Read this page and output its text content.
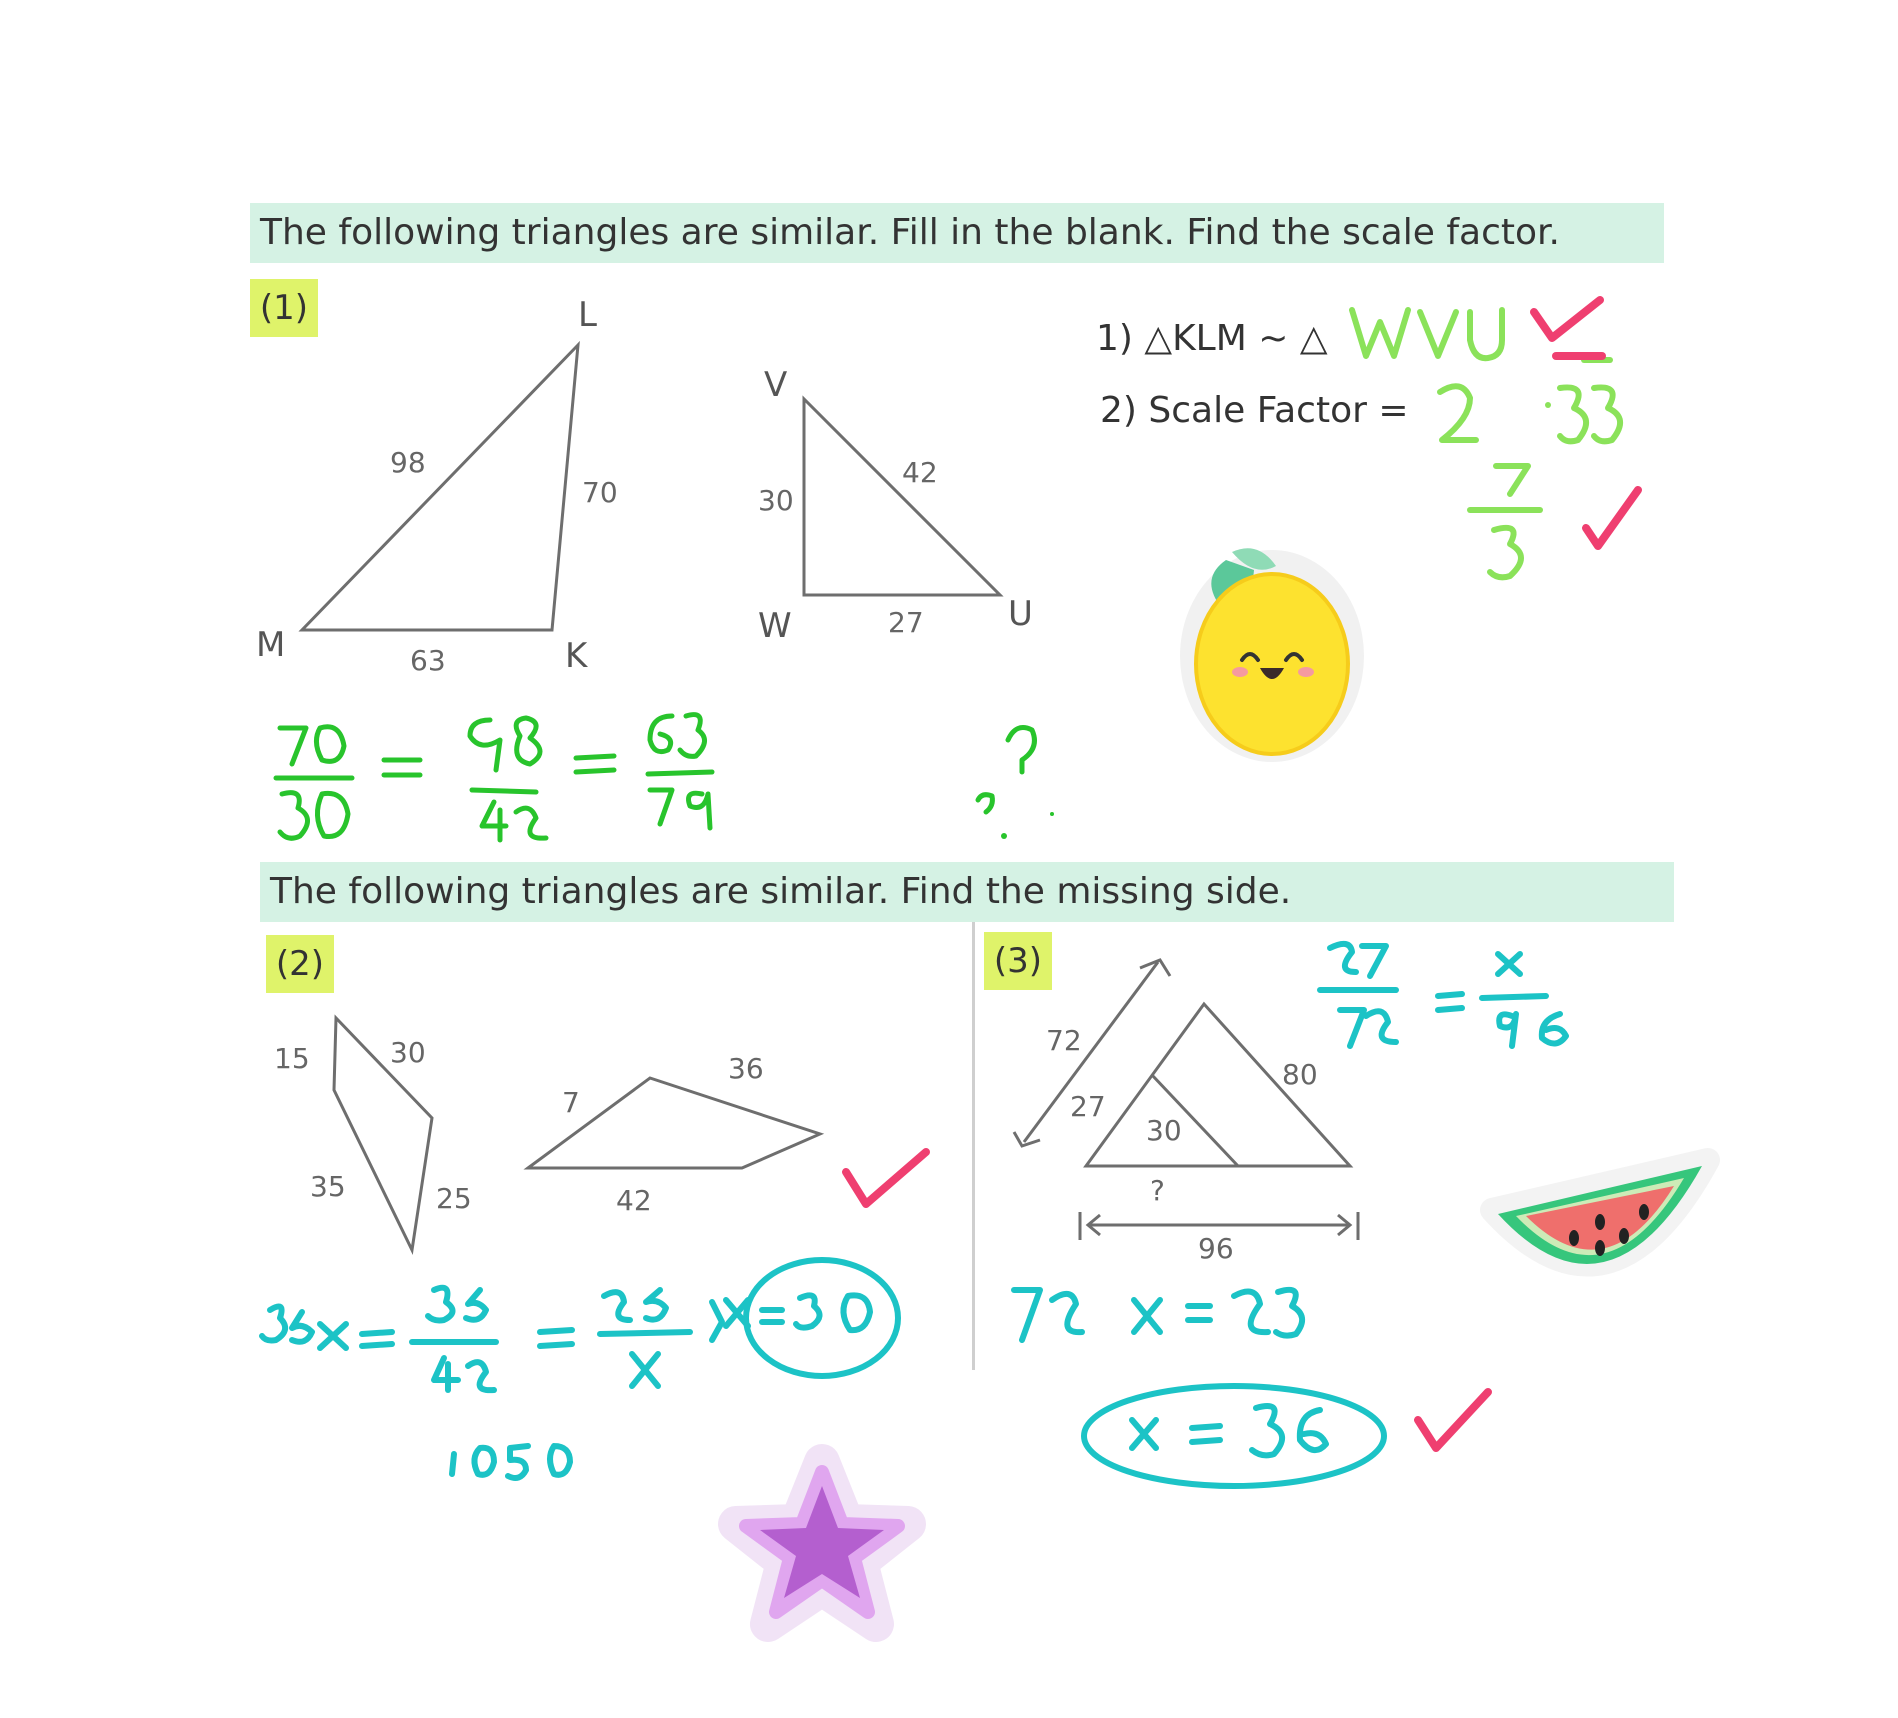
The following triangles are similar. Fill in the blank. Find the scale factor.
(1)
1) △KLM ~ △
2) Scale Factor =
The following triangles are similar. Find the missing side.
(2)	(3)
L
M	K
98
70
63
V
W	U
30
42
27
15	30
35	25
7
36
42
72
27
80
30
?
96
